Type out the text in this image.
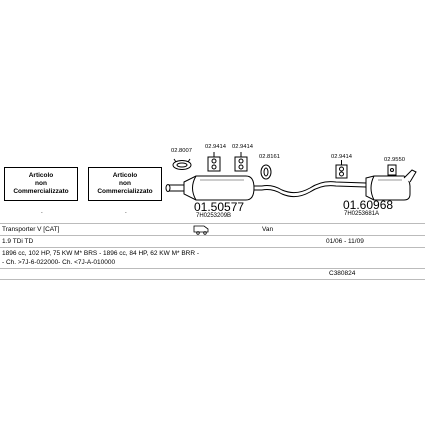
Articolo
non
Commercializzato
.
Articolo
non
Commercializzato
.
02.8007
02.9414 02.9414
02.8161	02.9414	02.9550
01.50577
7H0253209B
01.60968
7H0253681A
Transporter V [CAT]	Van
1.9 TDi TD	01/06 - 11/09
1896 cc, 102 HP, 75 KW M* BRS - 1896 cc, 84 HP, 62 KW M* BRR -
- Ch. >7J-6-022000- Ch. <7J-A-010000
C380824
